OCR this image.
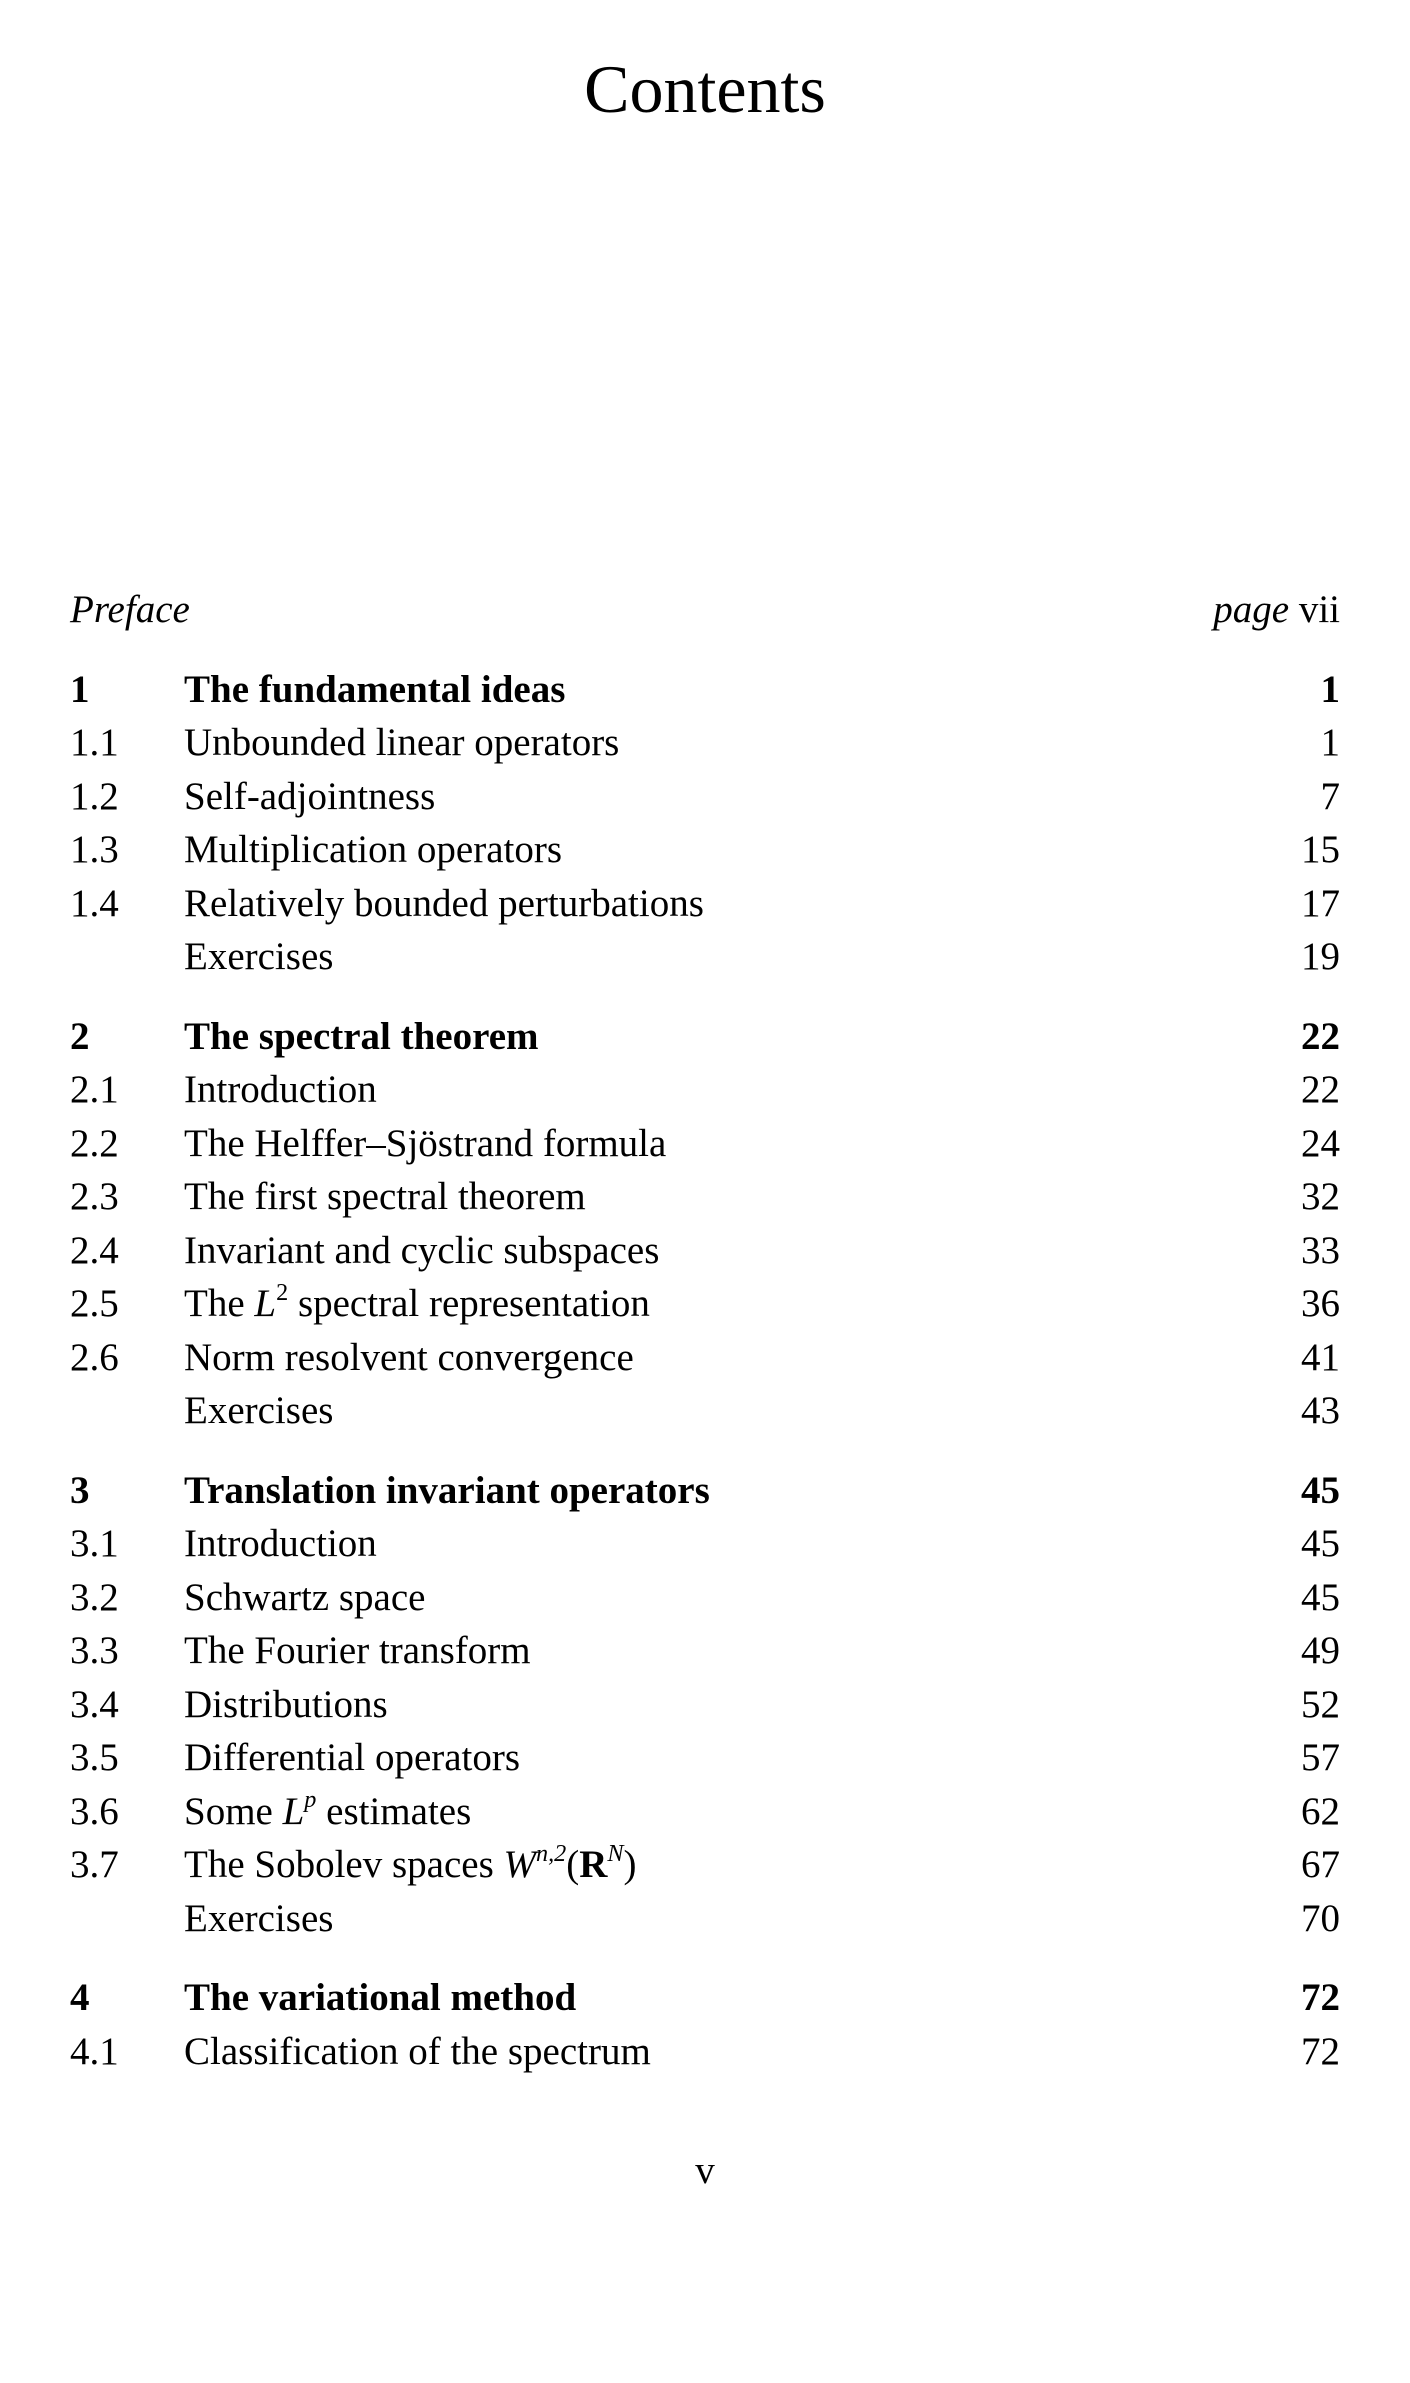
Contents
Preface	page vii
1 The fundamental ideas	1
1.1 Unbounded linear operators	1
1.2 Self-adjointness	7
1.3 Multiplication operators	15
1.4 Relatively bounded perturbations	17
Exercises	19
2 The spectral theorem	22
2.1 Introduction	22
2.2 The Helffer–Sjöstrand formula	24
2.3 The first spectral theorem	32
2.4 Invariant and cyclic subspaces	33
2.5 The $L^2$ spectral representation	36
2.6 Norm resolvent convergence	41
Exercises	43
3 Translation invariant operators	45
3.1 Introduction	45
3.2 Schwartz space	45
3.3 The Fourier transform	49
3.4 Distributions	52
3.5 Differential operators	57
3.6 Some $L^p$ estimates	62
3.7 The Sobolev spaces $W^{n,2}(R^N)$	67
Exercises	70
4 The variational method	72
4.1 Classification of the spectrum	72
v
